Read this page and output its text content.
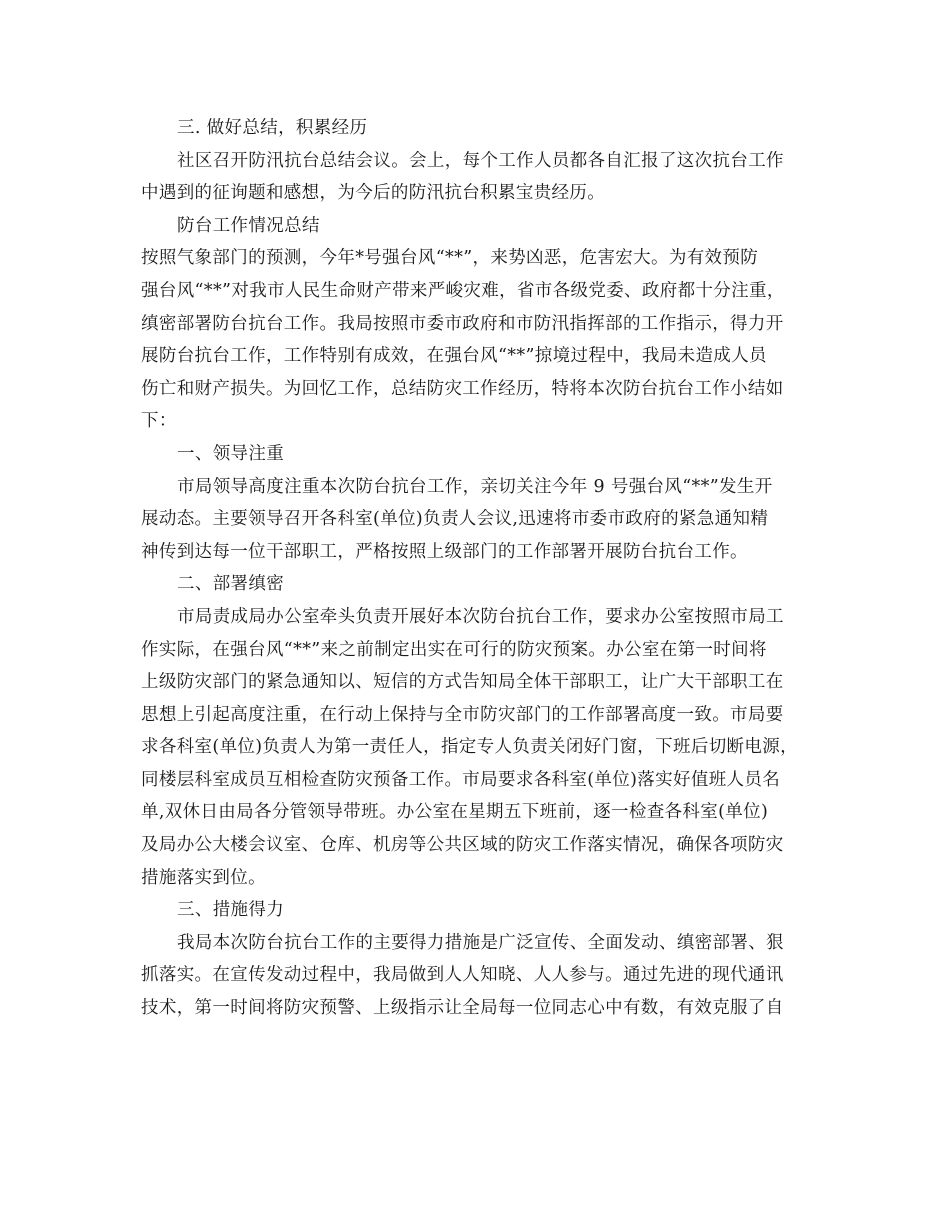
三. 做好总结，积累经历
社区召开防汛抗台总结会议。会上，每个工作人员都各自汇报了这次抗台工作
中遇到的征询题和感想，为今后的防汛抗台积累宝贵经历。
防台工作情况总结
按照气象部门的预测，今年*号强台风“**”，来势凶恶，危害宏大。为有效预防
强台风“**”对我市人民生命财产带来严峻灾难，省市各级党委、政府都十分注重，
缜密部署防台抗台工作。我局按照市委市政府和市防汛指挥部的工作指示，得力开
展防台抗台工作，工作特别有成效，在强台风“**”掠境过程中，我局未造成人员
伤亡和财产损失。为回忆工作，总结防灾工作经历，特将本次防台抗台工作小结如
下：
一、领导注重
市局领导高度注重本次防台抗台工作，亲切关注今年 9 号强台风“**”发生开
展动态。主要领导召开各科室(单位)负责人会议,迅速将市委市政府的紧急通知精
神传到达每一位干部职工，严格按照上级部门的工作部署开展防台抗台工作。
二、部署缜密
市局责成局办公室牵头负责开展好本次防台抗台工作，要求办公室按照市局工
作实际，在强台风“**”来之前制定出实在可行的防灾预案。办公室在第一时间将
上级防灾部门的紧急通知以、短信的方式告知局全体干部职工，让广大干部职工在
思想上引起高度注重，在行动上保持与全市防灾部门的工作部署高度一致。市局要
求各科室(单位)负责人为第一责任人，指定专人负责关闭好门窗，下班后切断电源，
同楼层科室成员互相检查防灾预备工作。市局要求各科室(单位)落实好值班人员名
单,双休日由局各分管领导带班。办公室在星期五下班前，逐一检查各科室(单位)
及局办公大楼会议室、仓库、机房等公共区域的防灾工作落实情况，确保各项防灾
措施落实到位。
三、措施得力
我局本次防台抗台工作的主要得力措施是广泛宣传、全面发动、缜密部署、狠
抓落实。在宣传发动过程中，我局做到人人知晓、人人参与。通过先进的现代通讯
技术，第一时间将防灾预警、上级指示让全局每一位同志心中有数，有效克服了自
